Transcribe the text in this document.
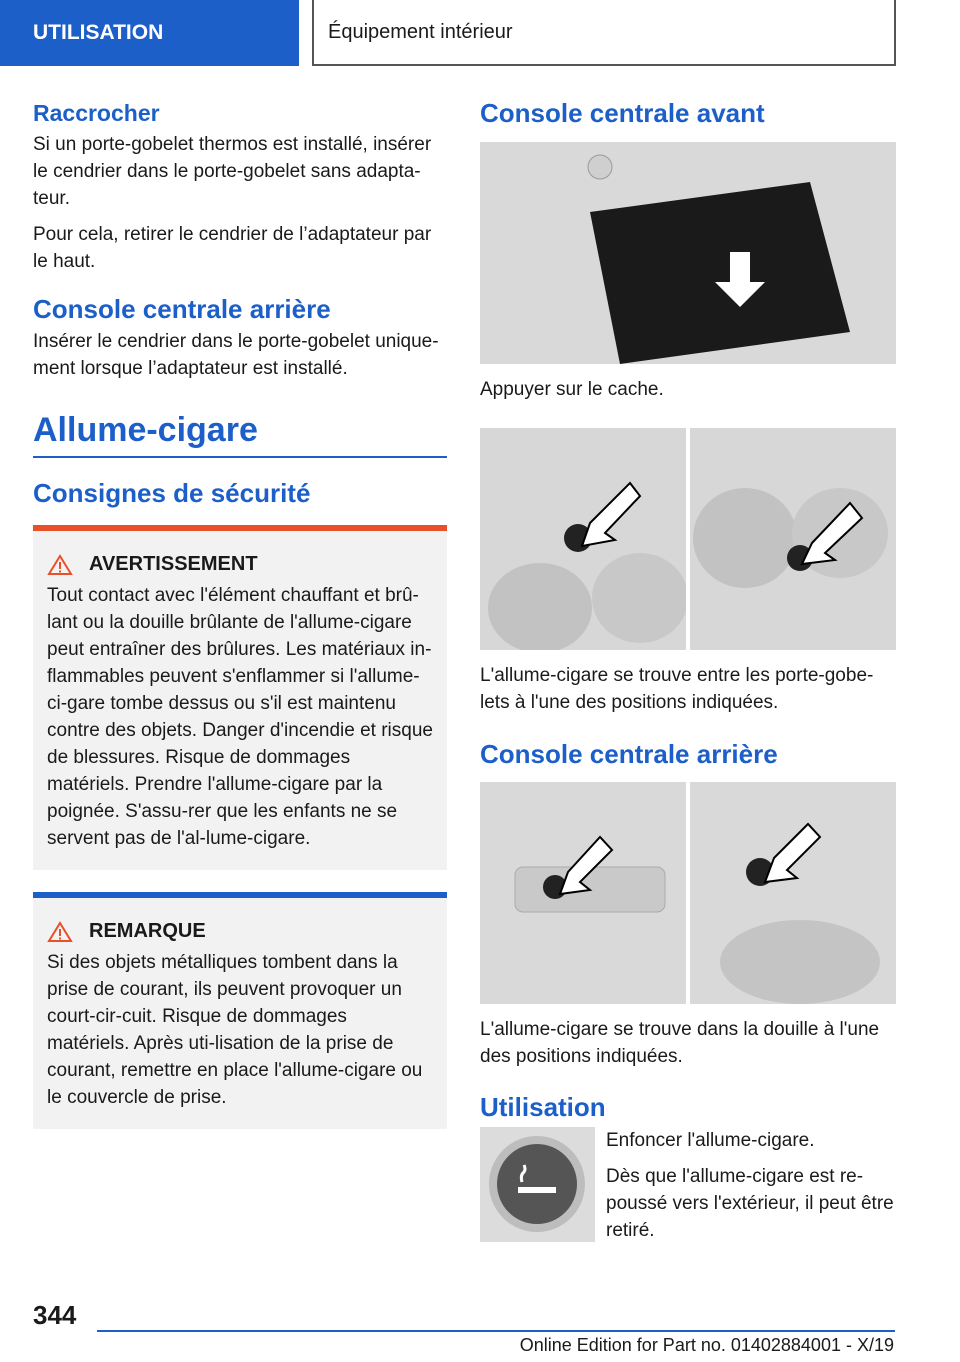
UTILISATION	Équipement intérieur

Raccrocher

Si un porte-gobelet thermos est installé, insérer le cendrier dans le porte-gobelet sans adapta-teur.

Pour cela, retirer le cendrier de l’adaptateur par le haut.

Console centrale arrière

Insérer le cendrier dans le porte-gobelet unique-ment lorsque l’adaptateur est installé.

Allume-cigare

Consignes de sécurité

AVERTISSEMENT

Tout contact avec l'élément chauffant et brû-lant ou la douille brûlante de l'allume-cigare peut entraîner des brûlures. Les matériaux in-flammables peuvent s'enflammer si l'allume-ci-gare tombe dessus ou s'il est maintenu contre des objets. Danger d'incendie et risque de blessures. Risque de dommages matériels. Prendre l'allume-cigare par la poignée. S'assu-rer que les enfants ne se servent pas de l'al-lume-cigare.

REMARQUE

Si des objets métalliques tombent dans la prise de courant, ils peuvent provoquer un court-cir-cuit. Risque de dommages matériels. Après uti-lisation de la prise de courant, remettre en place l'allume-cigare ou le couvercle de prise.

Console centrale avant

Appuyer sur le cache.

L'allume-cigare se trouve entre les porte-gobe-lets à l'une des positions indiquées.

Console centrale arrière

L'allume-cigare se trouve dans la douille à l'une des positions indiquées.

Utilisation

Enfoncer l'allume-cigare.

Dès que l'allume-cigare est re-poussé vers l'extérieur, il peut être retiré.

344
Online Edition for Part no. 01402884001 - X/19
